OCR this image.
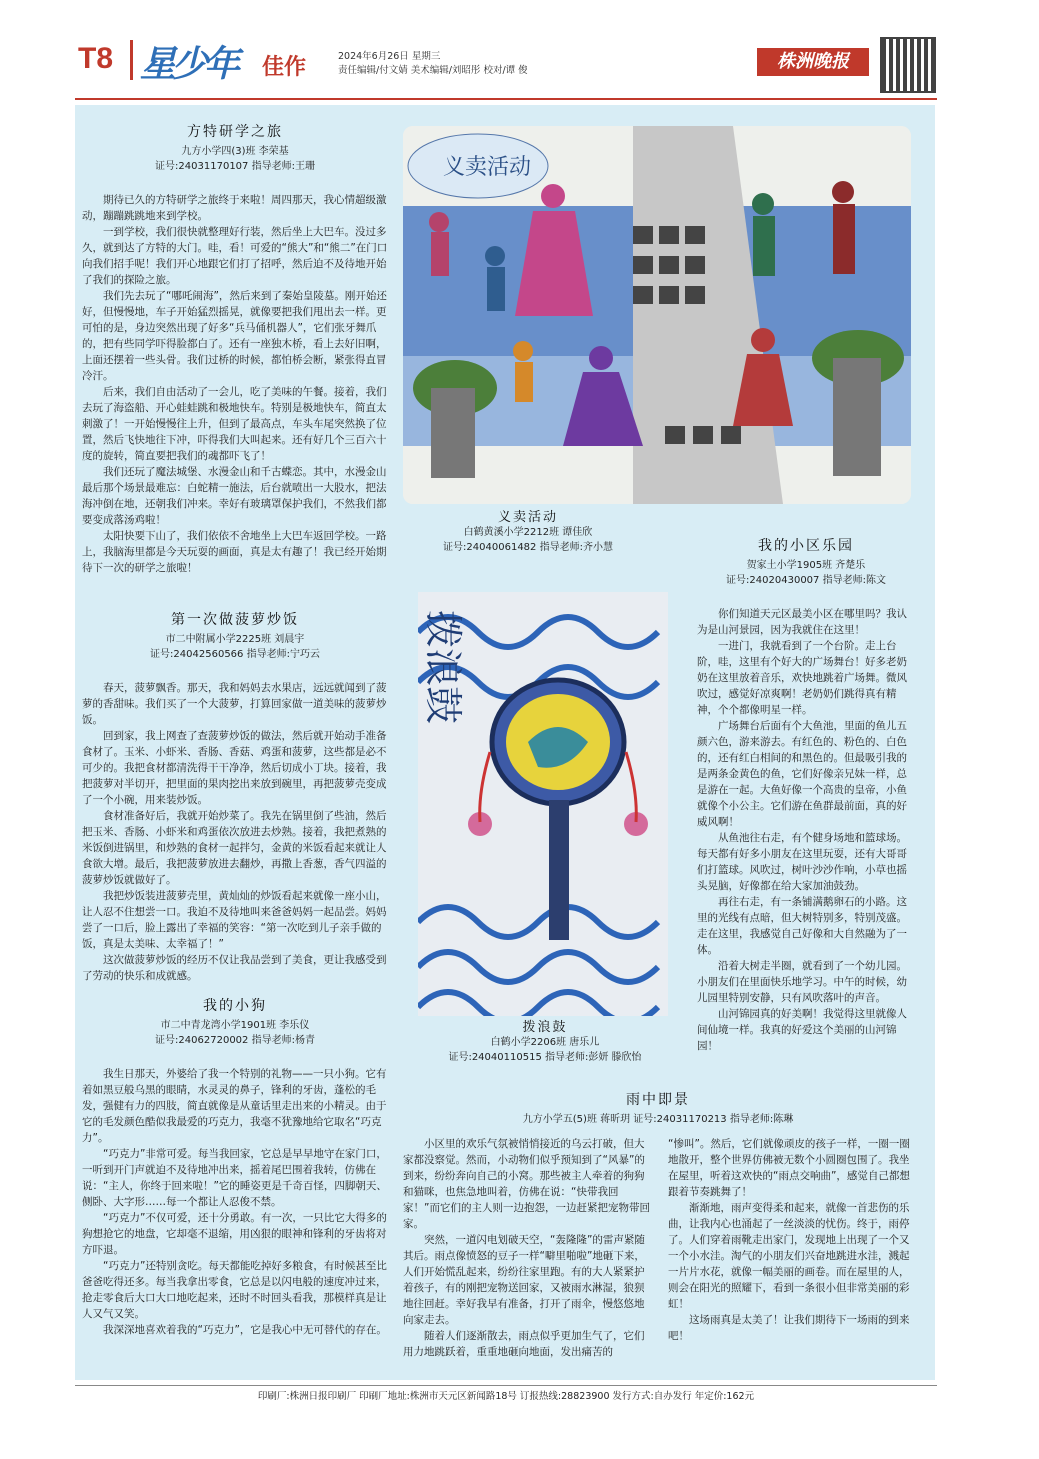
T8 星少年 佳作	2024年6月26日 星期三
责任编辑/付文婧 美术编辑/刘昭彤 校对/谭 俊	株洲晚报
方特研学之旅
九方小学四(3)班 李荣基
证号:24031170107 指导老师:王珊

期待已久的方特研学之旅终于来啦！周四那天，我心情超级激动，蹦蹦跳跳地来到学校。

一到学校，我们很快就整理好行装，然后坐上大巴车。没过多久，就到达了方特的大门。哇，看！可爱的“熊大”和“熊二”在门口向我们招手呢！我们开心地跟它们打了招呼，然后迫不及待地开始了我们的探险之旅。

我们先去玩了“哪吒闹海”，然后来到了秦始皇陵墓。刚开始还好，但慢慢地，车子开始猛烈摇晃，就像要把我们甩出去一样。更可怕的是，身边突然出现了好多“兵马俑机器人”，它们张牙舞爪的，把有些同学吓得脸都白了。还有一座独木桥，看上去好旧啊，上面还摆着一些头骨。我们过桥的时候，都怕桥会断，紧张得直冒冷汗。

后来，我们自由活动了一会儿，吃了美味的午餐。接着，我们去玩了海盗船、开心蛙蛙跳和极地快车。特别是极地快车，简直太刺激了！一开始慢慢往上升，但到了最高点，车头车尾突然换了位置，然后飞快地往下冲，吓得我们大叫起来。还有好几个三百六十度的旋转，简直要把我们的魂都吓飞了！

我们还玩了魔法城堡、水漫金山和千古蝶恋。其中，水漫金山最后那个场景最难忘：白蛇精一施法，后台就喷出一大股水，把法海冲倒在地，还朝我们冲来。幸好有玻璃罩保护我们，不然我们都要变成落汤鸡啦！

太阳快要下山了，我们依依不舍地坐上大巴车返回学校。一路上，我脑海里都是今天玩耍的画面，真是太有趣了！我已经开始期待下一次的研学之旅啦！

第一次做菠萝炒饭
市二中附属小学2225班 刘晨宇
证号:24042560566 指导老师:宁巧云

春天，菠萝飘香。那天，我和妈妈去水果店，远远就闻到了菠萝的香甜味。我们买了一个大菠萝，打算回家做一道美味的菠萝炒饭。

回到家，我上网查了查菠萝炒饭的做法，然后就开始动手准备食材了。玉米、小虾米、香肠、香菇、鸡蛋和菠萝，这些都是必不可少的。我把食材都清洗得干干净净，然后切成小丁块。接着，我把菠萝对半切开，把里面的果肉挖出来放到碗里，再把菠萝壳变成了一个小碗，用来装炒饭。

食材准备好后，我就开始炒菜了。我先在锅里倒了些油，然后把玉米、香肠、小虾米和鸡蛋依次放进去炒熟。接着，我把煮熟的米饭倒进锅里，和炒熟的食材一起拌匀，金黄的米饭看起来就让人食欲大增。最后，我把菠萝放进去翻炒，再撒上香葱，香气四溢的菠萝炒饭就做好了。

我把炒饭装进菠萝壳里，黄灿灿的炒饭看起来就像一座小山，让人忍不住想尝一口。我迫不及待地叫来爸爸妈妈一起品尝。妈妈尝了一口后，脸上露出了幸福的笑容：“第一次吃到儿子亲手做的饭，真是太美味、太幸福了！”

这次做菠萝炒饭的经历不仅让我品尝到了美食，更让我感受到了劳动的快乐和成就感。

我的小狗
市二中青龙湾小学1901班 李乐仪
证号:24062720002 指导老师:杨青

我生日那天，外婆给了我一个特别的礼物——一只小狗。它有着如黑豆般乌黑的眼睛，水灵灵的鼻子，锋利的牙齿，蓬松的毛发，强健有力的四肢，简直就像是从童话里走出来的小精灵。由于它的毛发颜色酷似我最爱的巧克力，我毫不犹豫地给它取名“巧克力”。

“巧克力”非常可爱。每当我回家，它总是早早地守在家门口，一听到开门声就迫不及待地冲出来，摇着尾巴围着我转，仿佛在说：“主人，你终于回来啦！”它的睡姿更是千奇百怪，四脚朝天、侧卧、大字形……每一个都让人忍俊不禁。

“巧克力”不仅可爱，还十分勇敢。有一次，一只比它大得多的狗想抢它的地盘，它却毫不退缩，用凶狠的眼神和锋利的牙齿将对方吓退。

“巧克力”还特别贪吃。每天都能吃掉好多粮食，有时候甚至比爸爸吃得还多。每当我拿出零食，它总是以闪电般的速度冲过来，抢走零食后大口大口地吃起来，还时不时回头看我，那模样真是让人又气又笑。

我深深地喜欢着我的“巧克力”，它是我心中无可替代的存在。

义卖活动
义卖活动
白鹤黄溪小学2212班 谭佳欣
证号:24040061482 指导老师:齐小慧
拨浪鼓
拨浪鼓
白鹤小学2206班 唐乐儿
证号:24040110515 指导老师:彭妍 滕欣怡
我的小区乐园
贺家土小学1905班 齐楚乐
证号:24020430007 指导老师:陈文

你们知道天元区最美小区在哪里吗？我认为是山河景园，因为我就住在这里！

一进门，我就看到了一个台阶。走上台阶，哇，这里有个好大的广场舞台！好多老奶奶在这里放着音乐，欢快地跳着广场舞。微风吹过，感觉好凉爽啊！老奶奶们跳得真有精神，个个都像明星一样。

广场舞台后面有个大鱼池，里面的鱼儿五颜六色，游来游去。有红色的、粉色的、白色的，还有红白相间的和黑色的。但最吸引我的是两条金黄色的鱼，它们好像亲兄妹一样，总是游在一起。大鱼好像一个高贵的皇帝，小鱼就像个小公主。它们游在鱼群最前面，真的好威风啊！

从鱼池往右走，有个健身场地和篮球场。每天都有好多小朋友在这里玩耍，还有大哥哥们打篮球。风吹过，树叶沙沙作响，小草也摇头晃脑，好像都在给大家加油鼓劲。

再往右走，有一条铺满鹅卵石的小路。这里的光线有点暗，但大树特别多，特别茂盛。走在这里，我感觉自己好像和大自然融为了一体。

沿着大树走半圈，就看到了一个幼儿园。小朋友们在里面快乐地学习。中午的时候，幼儿园里特别安静，只有风吹落叶的声音。

山河锦园真的好美啊！我觉得这里就像人间仙境一样。我真的好爱这个美丽的山河锦园！

雨中即景
九方小学五(5)班 蒋昕玥 证号:24031170213 指导老师:陈琳

小区里的欢乐气氛被悄悄接近的乌云打破，但大家都没察觉。然而，小动物们似乎预知到了“风暴”的到来，纷纷奔向自己的小窝。那些被主人牵着的狗狗和猫咪，也焦急地叫着，仿佛在说：“快带我回家！”而它们的主人则一边抱怨，一边赶紧把宠物带回家。

突然，一道闪电划破天空，“轰隆隆”的雷声紧随其后。雨点像愤怒的豆子一样“噼里啪啦”地砸下来，人们开始慌乱起来，纷纷往家里跑。有的大人紧紧护着孩子，有的刚把宠物送回家，又被雨水淋湿，狼狈地往回赶。幸好我早有准备，打开了雨伞，慢悠悠地向家走去。

随着人们逐渐散去，雨点似乎更加生气了，它们用力地跳跃着，重重地砸向地面，发出痛苦的

“惨叫”。然后，它们就像顽皮的孩子一样，一圈一圈地散开，整个世界仿佛被无数个小圆圈包围了。我坐在屋里，听着这欢快的“雨点交响曲”，感觉自己都想跟着节奏跳舞了！

渐渐地，雨声变得柔和起来，就像一首悲伤的乐曲，让我内心也涌起了一丝淡淡的忧伤。终于，雨停了。人们穿着雨靴走出家门，发现地上出现了一个又一个小水洼。淘气的小朋友们兴奋地跳进水洼，溅起一片片水花，就像一幅美丽的画卷。而在屋里的人，则会在阳光的照耀下，看到一条很小但非常美丽的彩虹！

这场雨真是太美了！让我们期待下一场雨的到来吧！

印刷厂:株洲日报印刷厂 印刷厂地址:株洲市天元区新闻路18号 订报热线:28823900 发行方式:自办发行 年定价:162元
